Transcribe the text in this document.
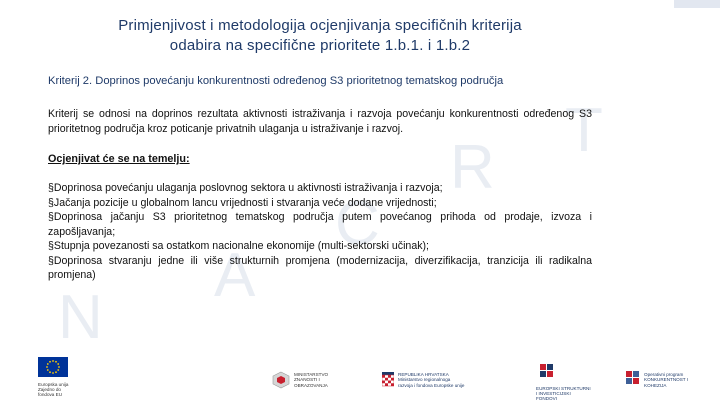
N
A
C
R
T
Primjenjivost i metodologija ocjenjivanja specifičnih kriterija
odabira na specifične prioritete 1.b.1. i 1.b.2
Kriterij 2. Doprinos povećanju konkurentnosti određenog S3 prioritetnog tematskog područja
Kriterij se odnosi na doprinos rezultata aktivnosti istraživanja i razvoja povećanju konkurentnosti određenog S3 prioritetnog područja kroz poticanje privatnih ulaganja u istraživanje i razvoj.
Ocjenjivat će se na temelju:
§Doprinosa povećanju ulaganja poslovnog sektora u aktivnosti istraživanja i razvoja;
§Jačanja pozicije u globalnom lancu vrijednosti i stvaranja veće dodane vrijednosti;
§Doprinosa jačanju S3 prioritetnog tematskog područja putem povećanog prihoda od prodaje, izvoza i zapošljavanja;
§Stupnja povezanosti sa ostatkom nacionalne ekonomije (multi-sektorski učinak);
§Doprinosa stvaranju jedne ili više strukturnih promjena (modernizacija, diverzifikacija, tranzicija ili radikalna promjena)
Europska unija Zajedno do fondova EU
MINISTARSTVO ZNANOSTI I OBRAZOVANJA
REPUBLIKA HRVATSKA Ministarstvo regionalnoga razvoja i fondova Europske unije
EUROPSKI STRUKTURNI I INVESTICIJSKI FONDOVI
Operativni program KONKURENTNOST I KOHEZIJA
